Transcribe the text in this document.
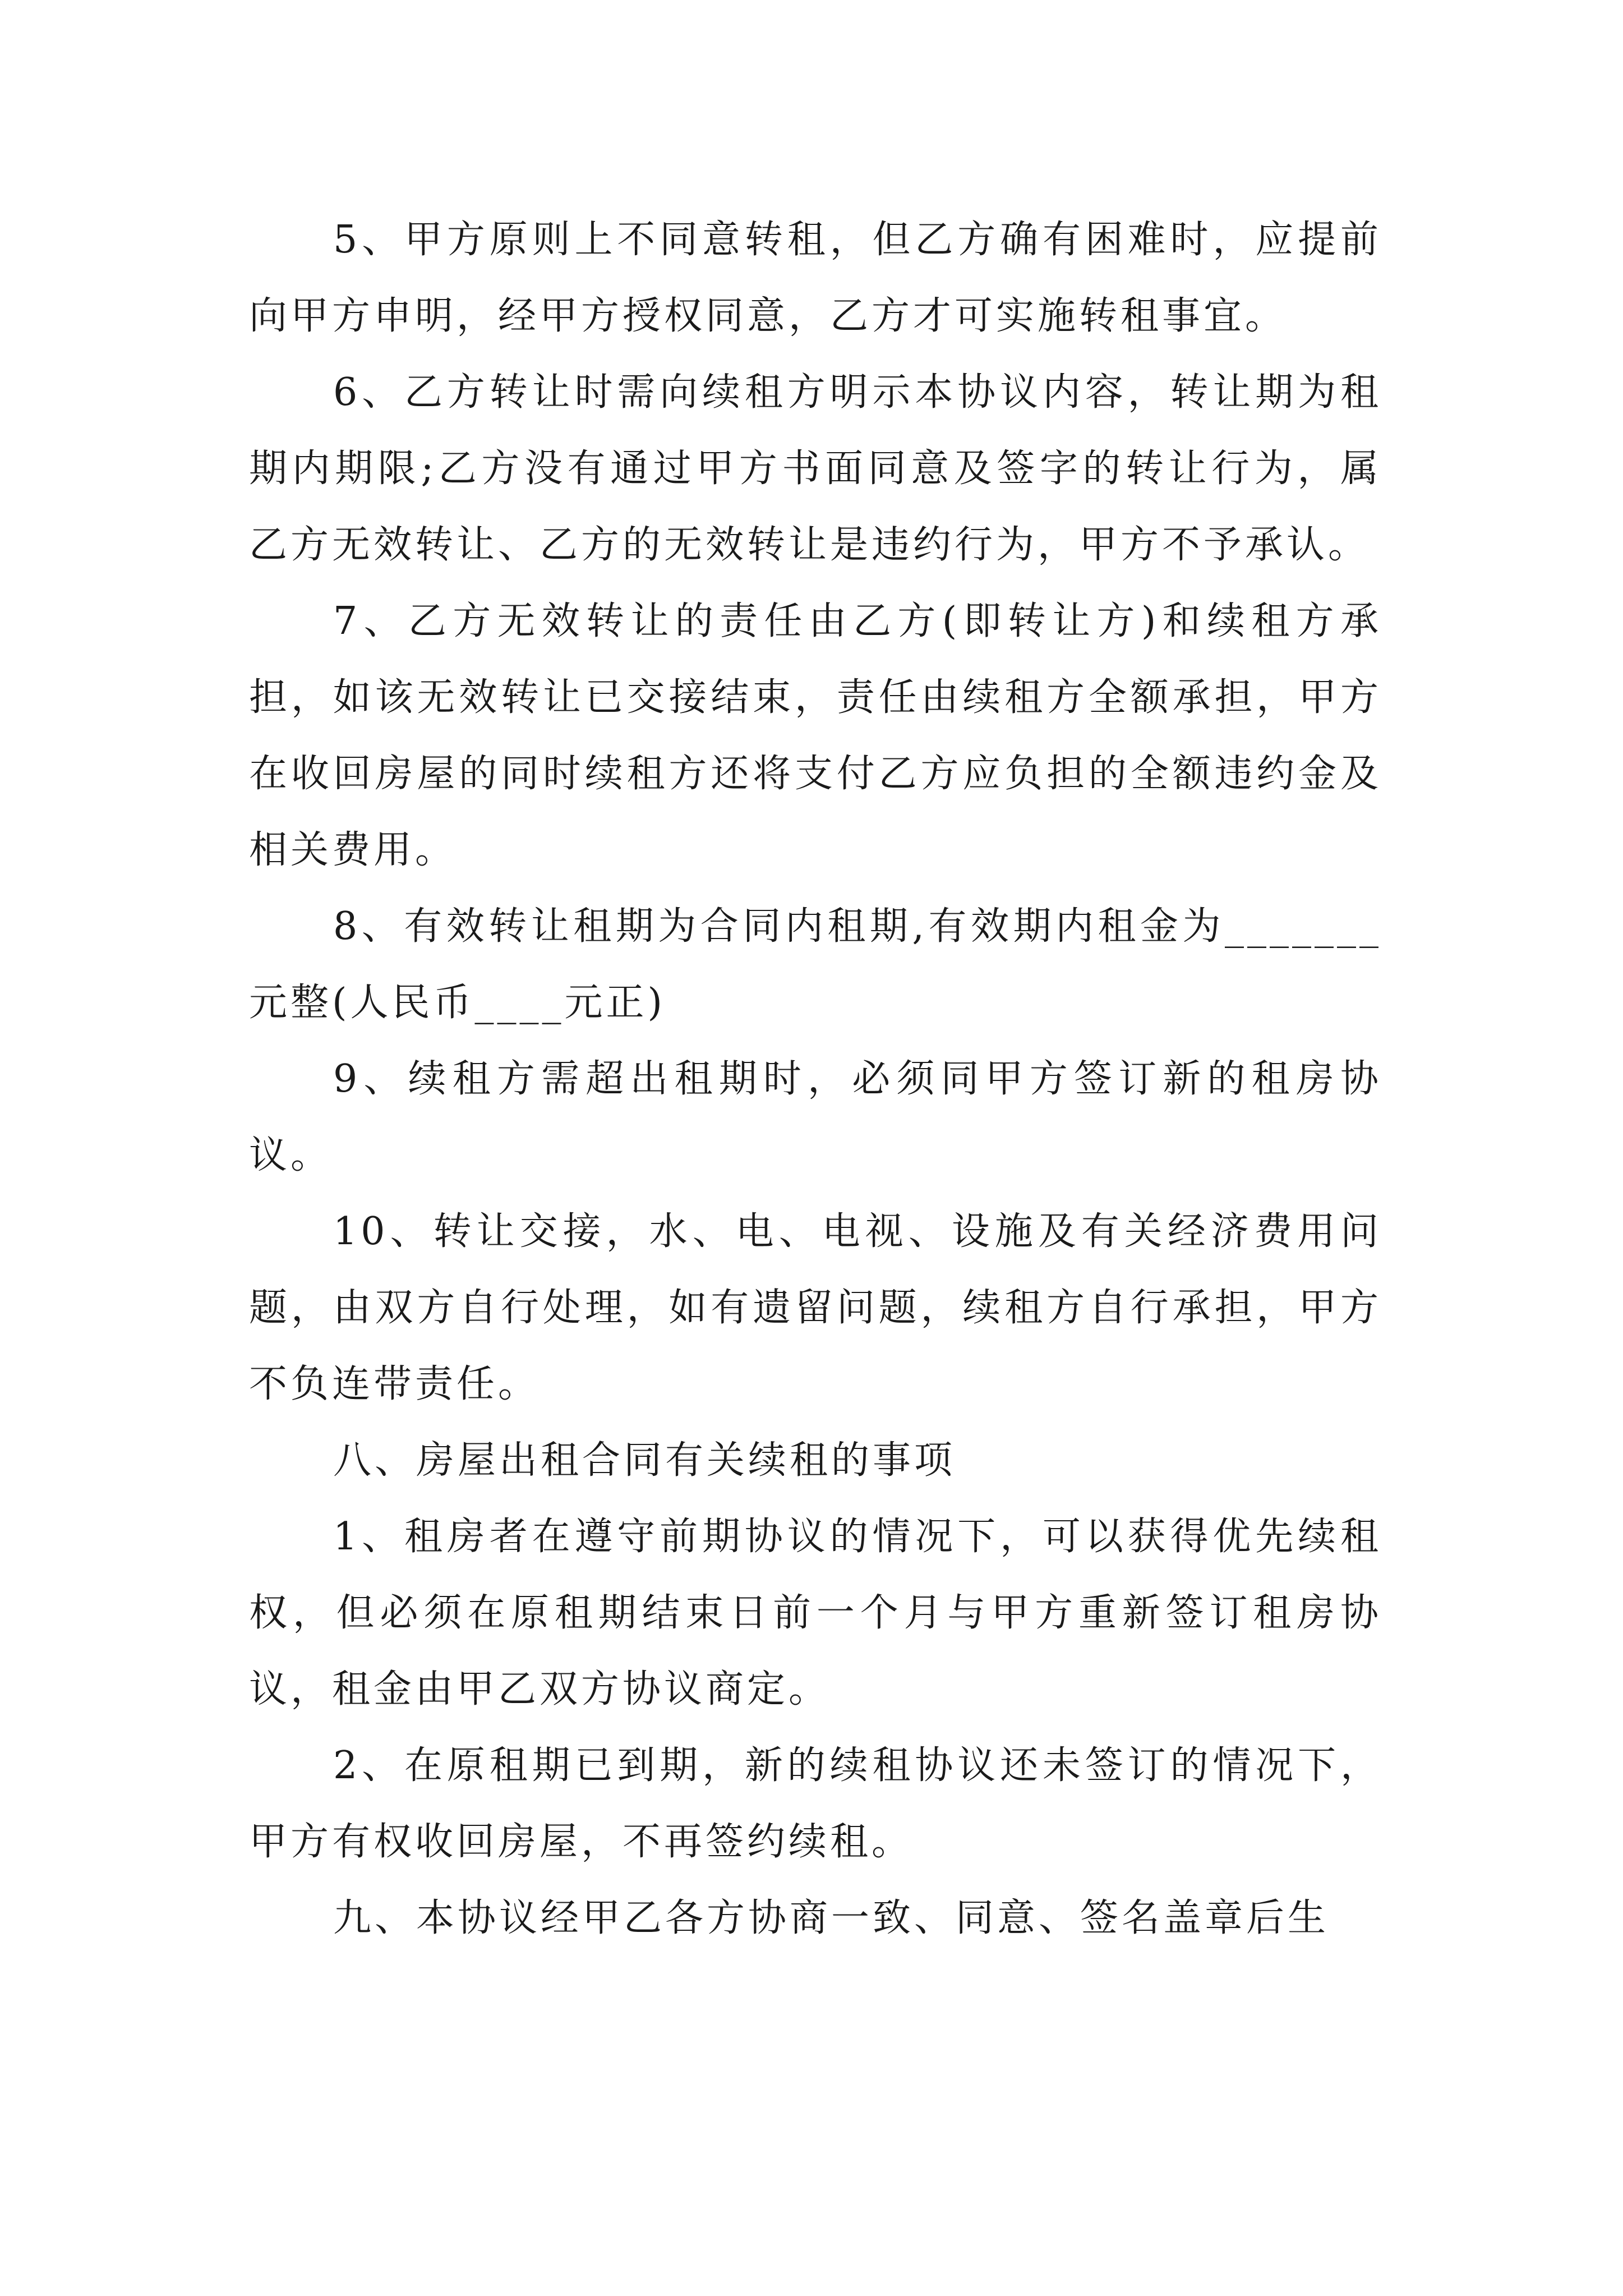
5、甲方原则上不同意转租，但乙方确有困难时，应提前向甲方申明，经甲方授权同意，乙方才可实施转租事宜。

6、乙方转让时需向续租方明示本协议内容，转让期为租期内期限;乙方没有通过甲方书面同意及签字的转让行为，属乙方无效转让、乙方的无效转让是违约行为，甲方不予承认。

7、乙方无效转让的责任由乙方(即转让方)和续租方承担，如该无效转让已交接结束，责任由续租方全额承担，甲方在收回房屋的同时续租方还将支付乙方应负担的全额违约金及相关费用。

8、有效转让租期为合同内租期,有效期内租金为_______元整(人民币____元正)

9、续租方需超出租期时，必须同甲方签订新的租房协议。

10、转让交接，水、电、电视、设施及有关经济费用问题，由双方自行处理，如有遗留问题，续租方自行承担，甲方不负连带责任。

八、房屋出租合同有关续租的事项

1、租房者在遵守前期协议的情况下，可以获得优先续租权，但必须在原租期结束日前一个月与甲方重新签订租房协议，租金由甲乙双方协议商定。

2、在原租期已到期，新的续租协议还未签订的情况下，甲方有权收回房屋，不再签约续租。

九、本协议经甲乙各方协商一致、同意、签名盖章后生
